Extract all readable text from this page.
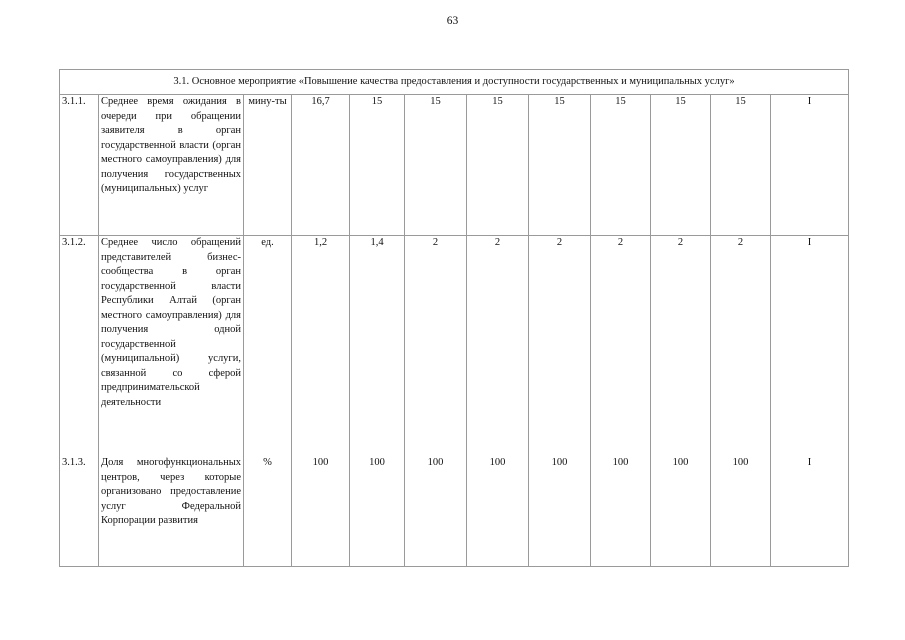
63
3.1. Основное мероприятие «Повышение качества предоставления и доступности государственных и муниципальных услуг»											
3.1.1.	Среднее время ожидания в очереди при обращении заявителя в орган государственной власти (орган местного самоуправления) для получения государственных (муниципальных) услуг	мину-ты	16,7	15	15	15	15	15	15	15	I
3.1.2.	Среднее число обращений представителей бизнес-сообщества в орган государственной власти Республики Алтай (орган местного самоуправления) для получения одной государственной (муниципальной) услуги, связанной со сферой предпринимательской деятельности	ед.	1,2	1,4	2	2	2	2	2	2	I
3.1.3.	Доля многофункциональных центров, через которые организовано предоставление услуг Федеральной Корпорации развития	%	100	100	100	100	100	100	100	100	I
